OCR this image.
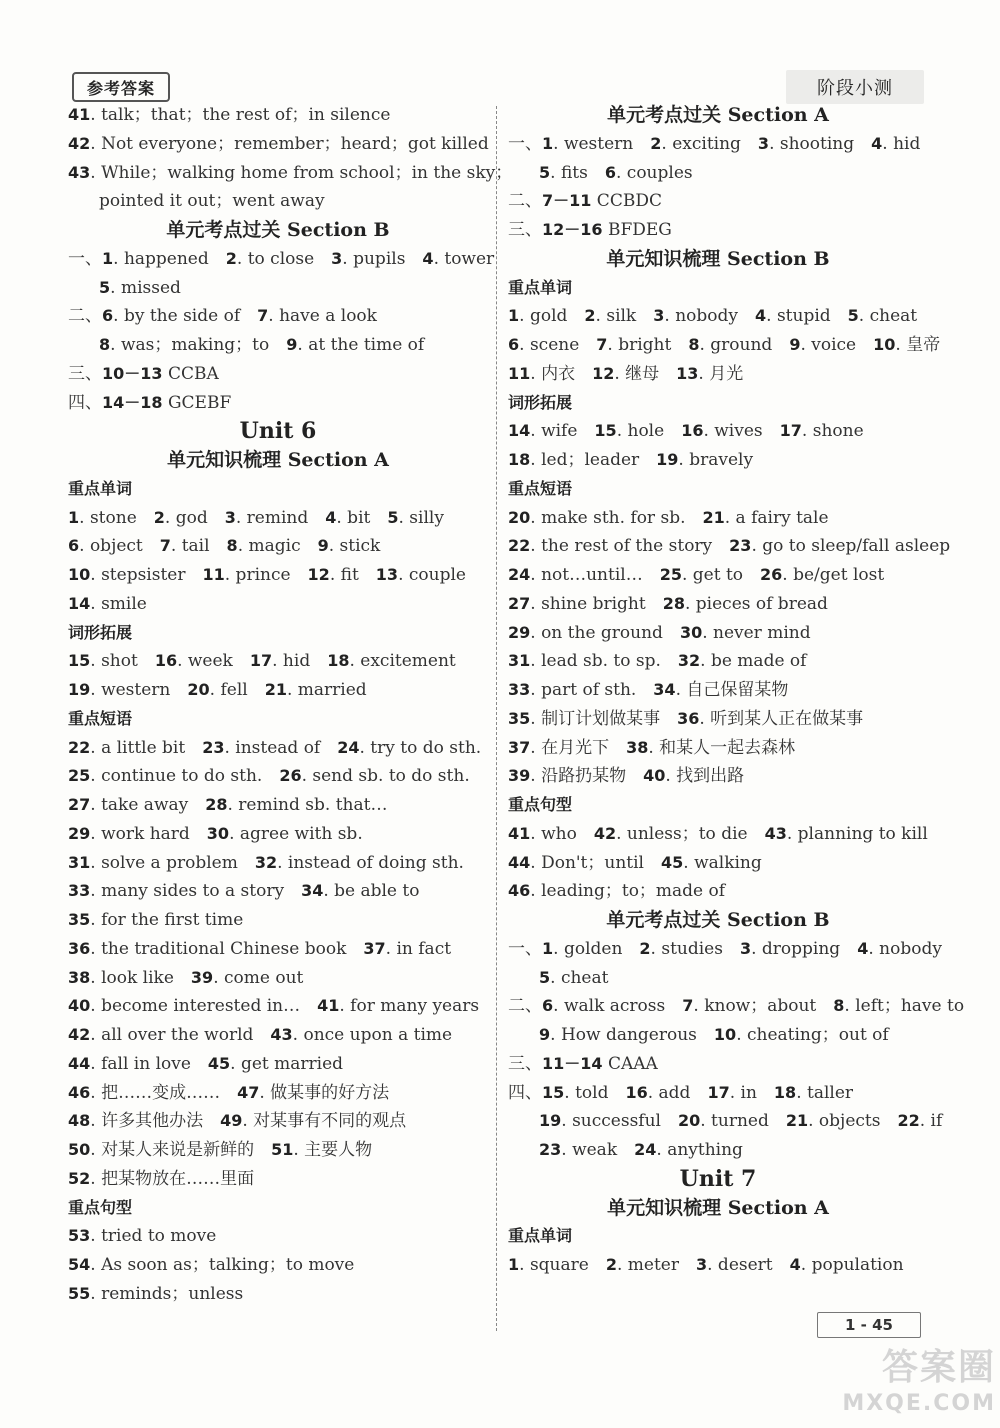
参考答案	阶段小测
41. talk；that；the rest of；in silence
42. Not everyone；remember；heard；got killed
43. While；walking home from school；in the sky；
pointed it out；went away
单元考点过关 Section B
一、1. happened　2. to close　3. pupils　4. tower
5. missed
二、6. by the side of　7. have a look
8. was；making；to　9. at the time of
三、10－13 CCBA
四、14－18 GCEBF
Unit 6
单元知识梳理 Section A
重点单词
1. stone　2. god　3. remind　4. bit　5. silly
6. object　7. tail　8. magic　9. stick
10. stepsister　11. prince　12. fit　13. couple
14. smile
词形拓展
15. shot　16. week　17. hid　18. excitement
19. western　20. fell　21. married
重点短语
22. a little bit　23. instead of　24. try to do sth.
25. continue to do sth.　26. send sb. to do sth.
27. take away　28. remind sb. that…
29. work hard　30. agree with sb.
31. solve a problem　32. instead of doing sth.
33. many sides to a story　34. be able to
35. for the first time
36. the traditional Chinese book　37. in fact
38. look like　39. come out
40. become interested in…　41. for many years
42. all over the world　43. once upon a time
44. fall in love　45. get married
46. 把……变成……　47. 做某事的好方法
48. 许多其他办法　49. 对某事有不同的观点
50. 对某人来说是新鲜的　51. 主要人物
52. 把某物放在……里面
重点句型
53. tried to move
54. As soon as；talking；to move
55. reminds；unless
单元考点过关 Section A
一、1. western　2. exciting　3. shooting　4. hid
5. fits　6. couples
二、7－11 CCBDC
三、12－16 BFDEG
单元知识梳理 Section B
重点单词
1. gold　2. silk　3. nobody　4. stupid　5. cheat
6. scene　7. bright　8. ground　9. voice　10. 皇帝
11. 内衣　12. 继母　13. 月光
词形拓展
14. wife　15. hole　16. wives　17. shone
18. led；leader　19. bravely
重点短语
20. make sth. for sb.　21. a fairy tale
22. the rest of the story　23. go to sleep/fall asleep
24. not…until…　25. get to　26. be/get lost
27. shine bright　28. pieces of bread
29. on the ground　30. never mind
31. lead sb. to sp.　32. be made of
33. part of sth.　34. 自己保留某物
35. 制订计划做某事　36. 听到某人正在做某事
37. 在月光下　38. 和某人一起去森林
39. 沿路扔某物　40. 找到出路
重点句型
41. who　42. unless；to die　43. planning to kill
44. Don't；until　45. walking
46. leading；to；made of
单元考点过关 Section B
一、1. golden　2. studies　3. dropping　4. nobody
5. cheat
二、6. walk across　7. know；about　8. left；have to
9. How dangerous　10. cheating；out of
三、11－14 CAAA
四、15. told　16. add　17. in　18. taller
19. successful　20. turned　21. objects　22. if
23. weak　24. anything
Unit 7
单元知识梳理 Section A
重点单词
1. square　2. meter　3. desert　4. population
1 - 45
答案圈
MXQE.COM
